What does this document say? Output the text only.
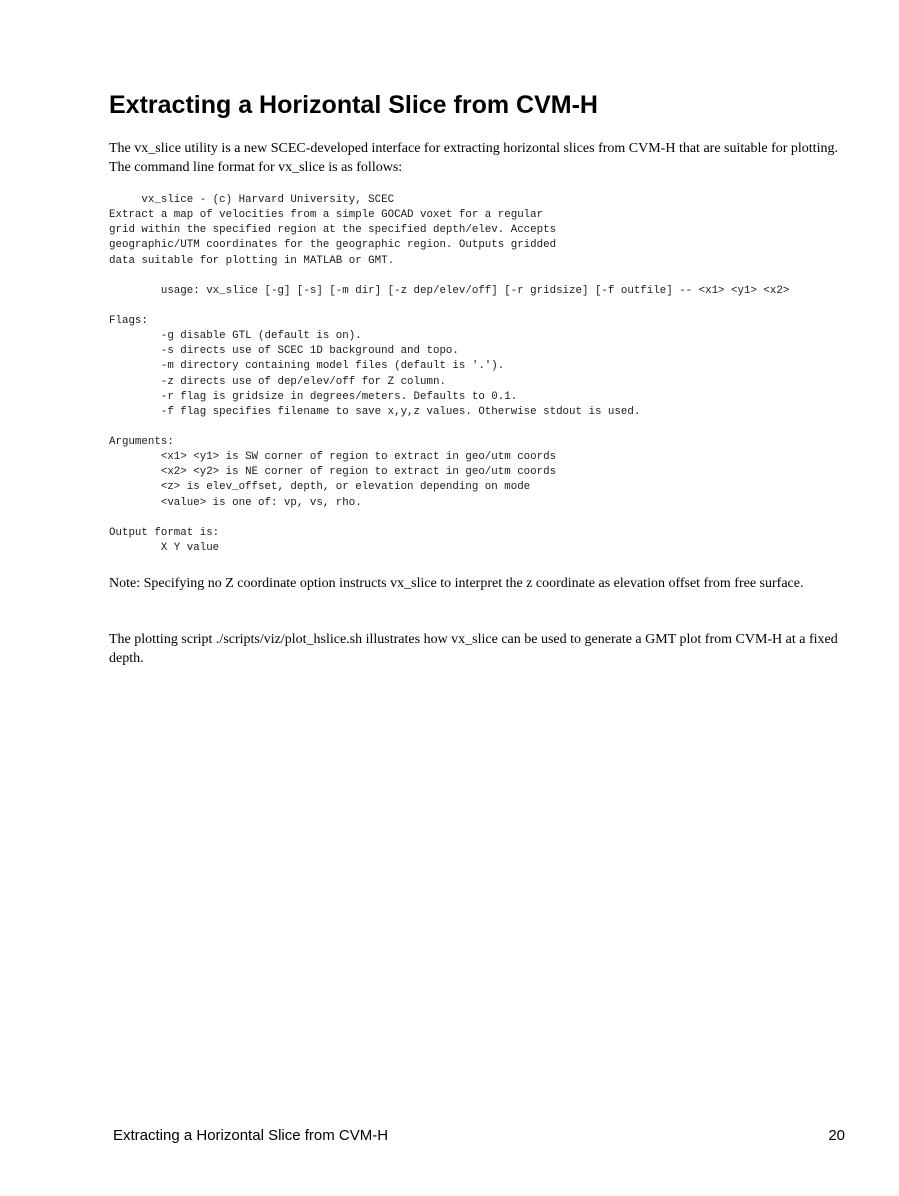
Extracting a Horizontal Slice from CVM-H

The vx_slice utility is a new SCEC-developed interface for extracting horizontal slices from CVM-H that are suitable for plotting. The command line format for vx_slice is as follows:

vx_slice - (c) Harvard University, SCEC
Extract a map of velocities from a simple GOCAD voxet for a regular
grid within the specified region at the specified depth/elev. Accepts
geographic/UTM coordinates for the geographic region. Outputs gridded
data suitable for plotting in MATLAB or GMT.
usage: vx_slice [-g] [-s] [-m dir] [-z dep/elev/off] [-r gridsize] [-f outfile] -- <x1> <y1> <x2>
Flags:
-g disable GTL (default is on).
-s directs use of SCEC 1D background and topo.
-m directory containing model files (default is '.').
-z directs use of dep/elev/off for Z column.
-r flag is gridsize in degrees/meters. Defaults to 0.1.
-f flag specifies filename to save x,y,z values. Otherwise stdout is used.
Arguments:
<x1> <y1> is SW corner of region to extract in geo/utm coords
<x2> <y2> is NE corner of region to extract in geo/utm coords
<z> is elev_offset, depth, or elevation depending on mode
<value> is one of: vp, vs, rho.
Output format is:
X Y value

Note: Specifying no Z coordinate option instructs vx_slice to interpret the z coordinate as elevation offset from free surface.

The plotting script ./scripts/viz/plot_hslice.sh illustrates how vx_slice can be used to generate a GMT plot from CVM-H at a fixed depth.

Extracting a Horizontal Slice from CVM-H	20
